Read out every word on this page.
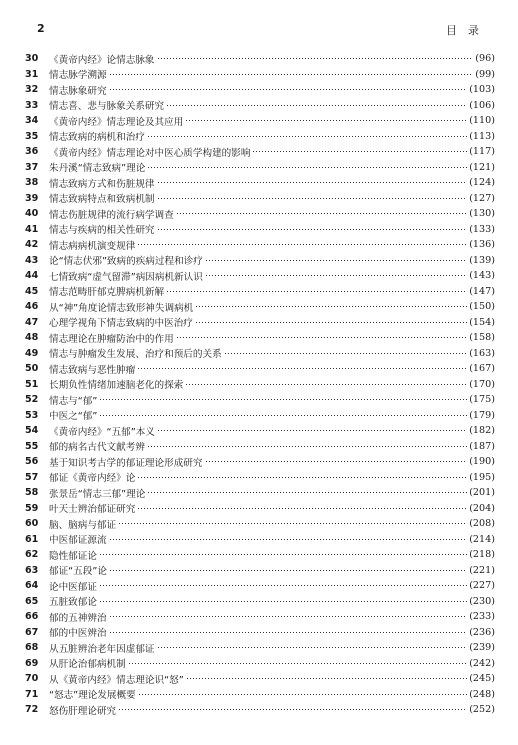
2	目录
30	《黄帝内经》论情志脉象	(96)
31	情志脉学溯源	(99)
32	情志脉象研究	(103)
33	情志喜、悲与脉象关系研究	(106)
34	《黄帝内经》情志理论及其应用	(110)
35	情志致病的病机和治疗	(113)
36	《黄帝内经》情志理论对中医心质学构建的影响	(117)
37	朱丹溪“情志致病”理论	(121)
38	情志致病方式和伤脏规律	(124)
39	情志致病特点和致病机制	(127)
40	情志伤脏规律的流行病学调查	(130)
41	情志与疾病的相关性研究	(133)
42	情志病病机演变规律	(136)
43	论“情志伏邪”致病的疾病过程和诊疗	(139)
44	七情致病“虚气留滞”病因病机新认识	(143)
45	情志范畴肝郁克脾病机新解	(147)
46	从“神”角度论情志致形神失调病机	(150)
47	心理学视角下情志致病的中医治疗	(154)
48	情志理论在肿瘤防治中的作用	(158)
49	情志与肿瘤发生发展、治疗和预后的关系	(163)
50	情志致病与恶性肿瘤	(167)
51	长期负性情绪加速脑老化的探索	(170)
52	情志与“郁”	(175)
53	中医之“郁”	(179)
54	《黄帝内经》“五郁”本义	(182)
55	郁的病名古代文献考辨	(187)
56	基于知识考古学的郁证理论形成研究	(190)
57	郁证《黄帝内经》论	(195)
58	张景岳“情志三郁”理论	(201)
59	叶天士辨治郁证研究	(204)
60	脑、脑病与郁证	(208)
61	中医郁证源流	(214)
62	隐性郁证论	(218)
63	郁证“五段”论	(221)
64	论中医郁证	(227)
65	五脏致郁论	(230)
66	郁的五神辨治	(233)
67	郁的中医辨治	(236)
68	从五脏辨治老年因虚郁证	(239)
69	从肝论治郁病机制	(242)
70	从《黄帝内经》情志理论识“怒”	(245)
71	“怒志”理论发展概要	(248)
72	怒伤肝理论研究	(252)
